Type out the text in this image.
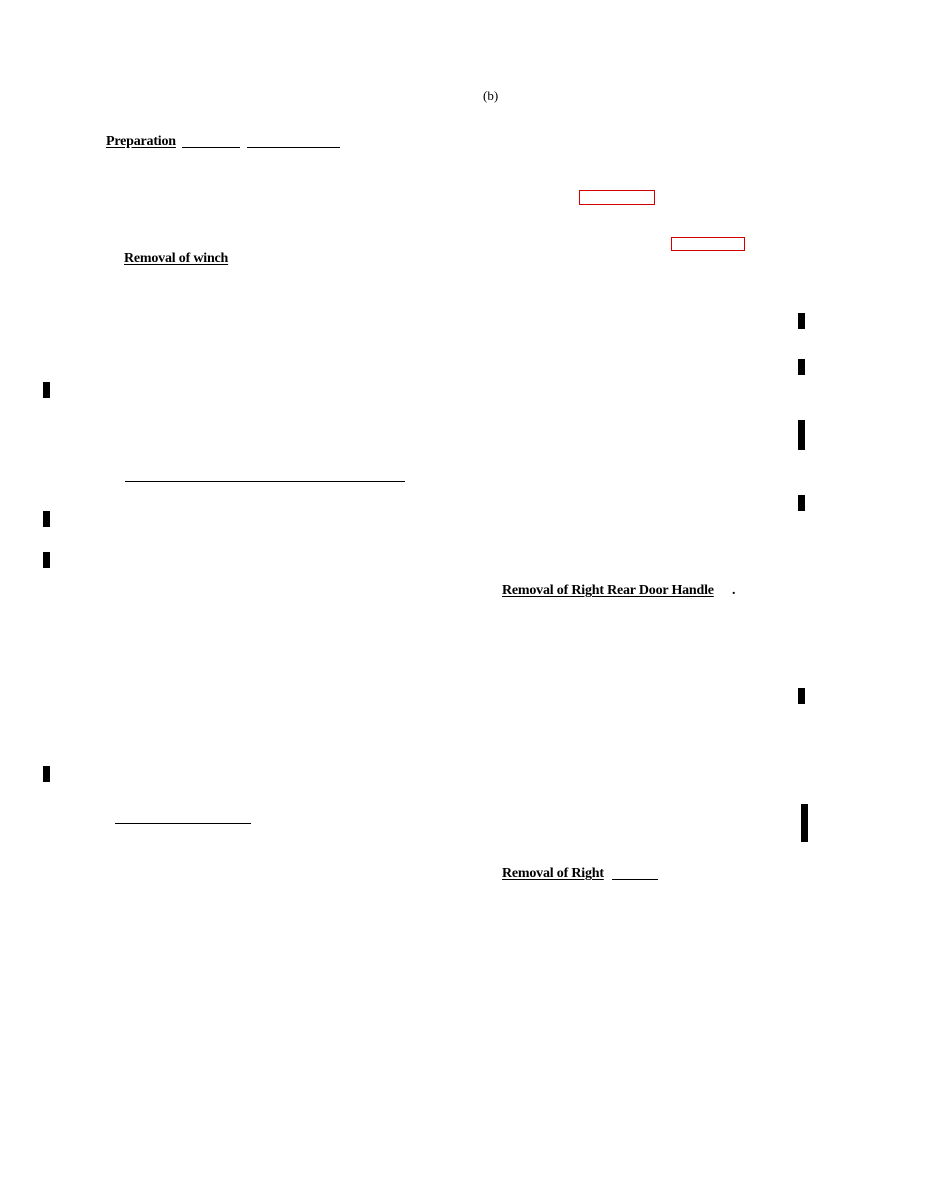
(b)
Preparation
Removal of winch
Removal of Right Rear Door Handle .
Removal of Right
